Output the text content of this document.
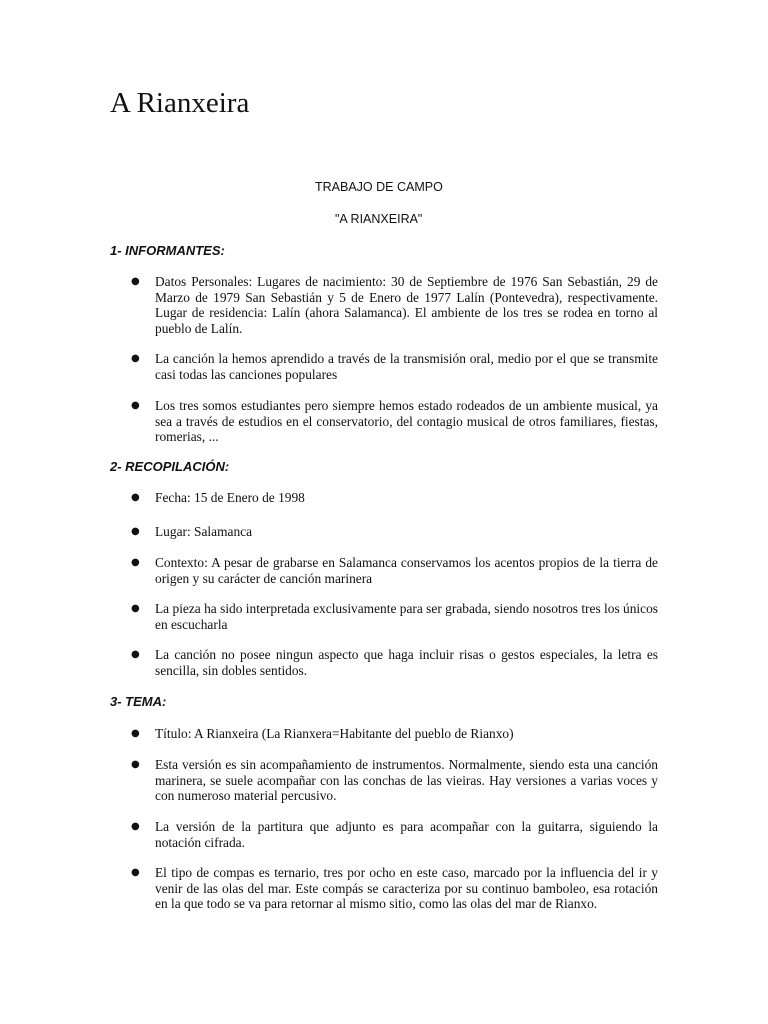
A Rianxeira
TRABAJO DE CAMPO
"A RIANXEIRA"
1- INFORMANTES:
● Datos Personales: Lugares de nacimiento: 30 de Septiembre de 1976 San Sebastián, 29 de Marzo de 1979 San Sebastián y 5 de Enero de 1977 Lalín (Pontevedra), respectivamente. Lugar de residencia: Lalín (ahora Salamanca). El ambiente de los tres se rodea en torno al pueblo de Lalín.

● La canción la hemos aprendido a través de la transmisión oral, medio por el que se transmite casi todas las canciones populares

● Los tres somos estudiantes pero siempre hemos estado rodeados de un ambiente musical, ya sea a través de estudios en el conservatorio, del contagio musical de otros familiares, fiestas, romerias, ...

2- RECOPILACIÓN:
● Fecha: 15 de Enero de 1998

● Lugar: Salamanca

● Contexto: A pesar de grabarse en Salamanca conservamos los acentos propios de la tierra de origen y su carácter de canción marinera

● La pieza ha sido interpretada exclusivamente para ser grabada, siendo nosotros tres los únicos en escucharla

● La canción no posee ningun aspecto que haga incluir risas o gestos especiales, la letra es sencilla, sin dobles sentidos.

3- TEMA:
● Título: A Rianxeira (La Rianxera=Habitante del pueblo de Rianxo)

● Esta versión es sin acompañamiento de instrumentos. Normalmente, siendo esta una canción marinera, se suele acompañar con las conchas de las vieiras. Hay versiones a varias voces y con numeroso material percusivo.

● La versión de la partitura que adjunto es para acompañar con la guitarra, siguiendo la notación cifrada.

● El tipo de compas es ternario, tres por ocho en este caso, marcado por la influencia del ir y venir de las olas del mar. Este compás se caracteriza por su continuo bamboleo, esa rotación en la que todo se va para retornar al mismo sitio, como las olas del mar de Rianxo.
